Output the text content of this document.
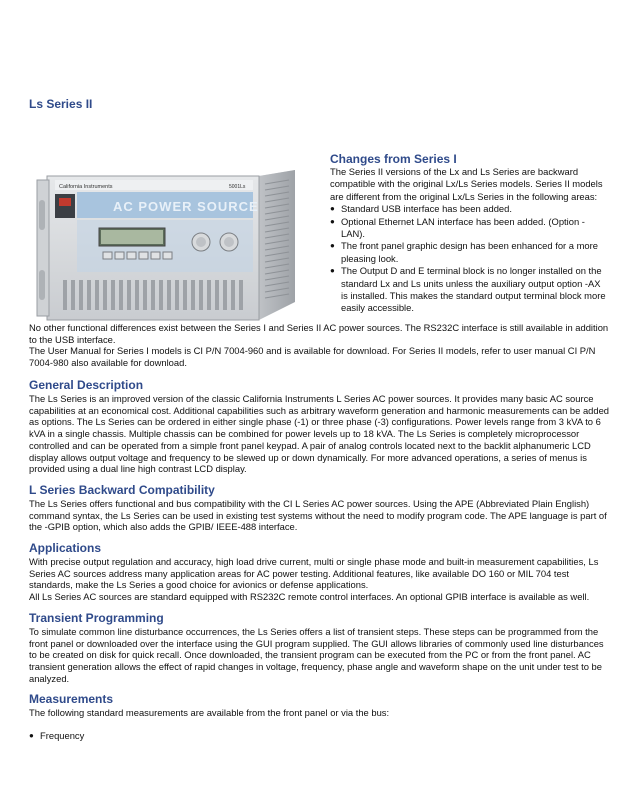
Ls Series II
California Instruments	5001Ls
AC POWER SOURCE
Changes from Series I

The Series II versions of the Lx and Ls Series are backward compatible with the original Lx/Ls Series models. Series II models are different from the original Lx/Ls Series in the following areas:

● Standard USB interface has been added.
● Optional Ethernet LAN interface has been added. (Option -LAN).
● The front panel graphic design has been enhanced for a more pleasing look.
● The Output D and E terminal block is no longer installed on the standard Lx and Ls units unless the auxiliary output option -AX is installed. This makes the standard output terminal block more easily accessible.

No other functional differences exist between the Series I and Series II AC power sources. The RS232C interface is still available in addition to the USB interface.

The User Manual for Series I models is CI P/N 7004-960 and is available for download. For Series II models, refer to user manual CI P/N 7004-980 also available for download.

General Description

The Ls Series is an improved version of the classic California Instruments L Series AC power sources. It provides many basic AC source capabilities at an economical cost. Additional capabilities such as arbitrary waveform generation and harmonic measurements can be added as options. The Ls Series can be ordered in either single phase (-1) or three phase (-3) configurations. Power levels range from 3 kVA to 6 kVA in a single chassis. Multiple chassis can be combined for power levels up to 18 kVA. The Ls Series is completely microprocessor controlled and can be operated from a simple front panel keypad. A pair of analog controls located next to the backlit alphanumeric LCD display allows output voltage and frequency to be slewed up or down dynamically. For more advanced operations, a series of menus is provided using a dual line high contrast LCD display.

L Series Backward Compatibility

The Ls Series offers functional and bus compatibility with the CI L Series AC power sources. Using the APE (Abbreviated Plain English) command syntax, the Ls Series can be used in existing test systems without the need to modify program code. The APE language is part of the -GPIB option, which also adds the GPIB/ IEEE-488 interface.

Applications

With precise output regulation and accuracy, high load drive current, multi or single phase mode and built-in measurement capabilities, Ls Series AC sources address many application areas for AC power testing. Additional features, like available DO 160 or MIL 704 test standards, make the Ls Series a good choice for avionics or defense applications.

All Ls Series AC sources are standard equipped with RS232C remote control interfaces. An optional GPIB interface is available as well.

Transient Programming

To simulate common line disturbance occurrences, the Ls Series offers a list of transient steps. These steps can be programmed from the front panel or downloaded over the interface using the GUI program supplied. The GUI allows libraries of commonly used line disturbances to be created on disk for quick recall. Once downloaded, the transient program can be executed from the PC or from the front panel. AC transient generation allows the effect of rapid changes in voltage, frequency, phase angle and waveform shape on the unit under test to be analyzed.

Measurements

The following standard measurements are available from the front panel or via the bus:

● Frequency
